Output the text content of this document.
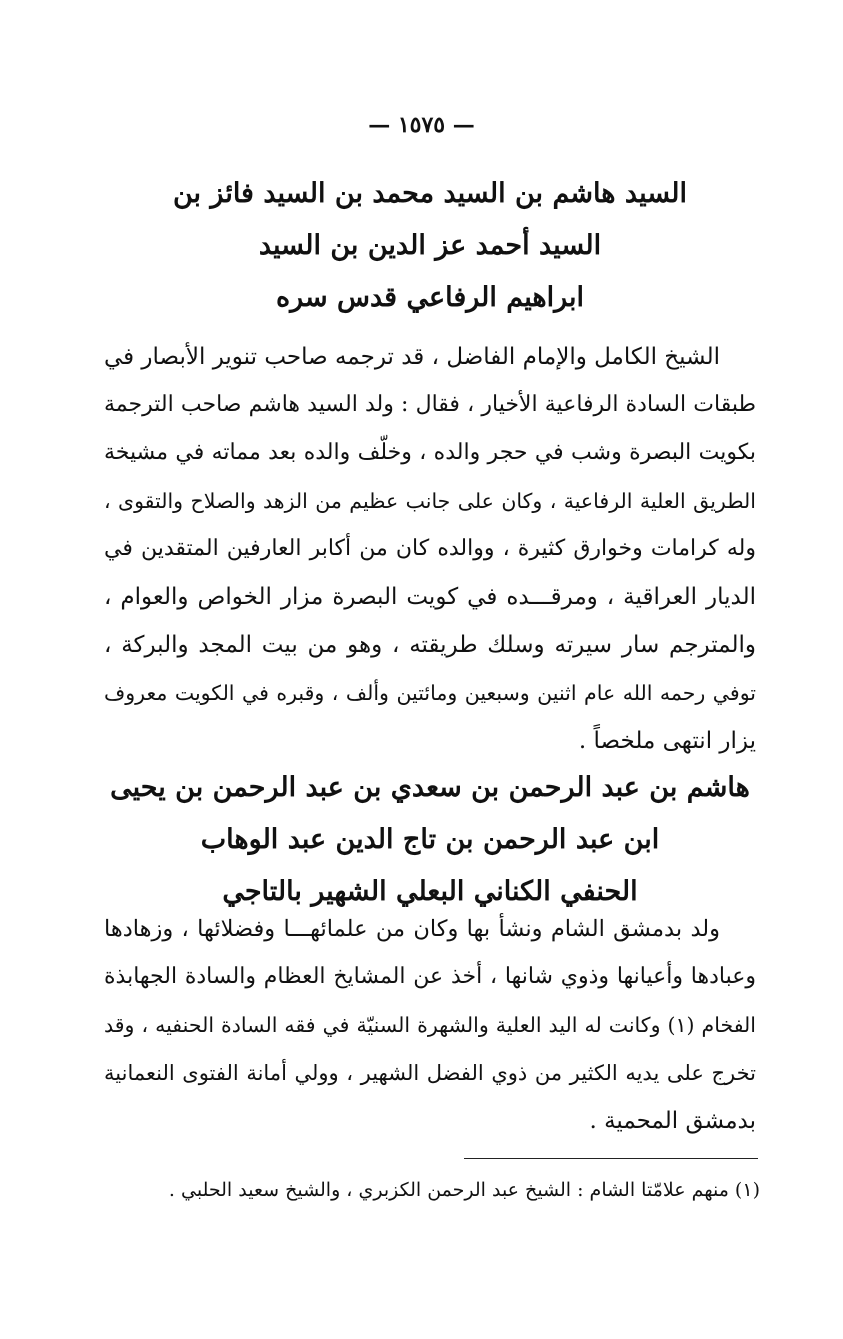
— ١٥٧٥ —
السيد هاشم بن السيد محمد بن السيد فائز بن
السيد أحمد عز الدين بن السيد
ابراهيم الرفاعي قدس سره
الشيخ الكامل والإمام الفاضل ، قد ترجمه صاحب تنوير الأبصار في
طبقات السادة الرفاعية الأخيار ، فقال : ولد السيد هاشم صاحب الترجمة
بكويت البصرة وشب في حجر والده ، وخلّف والده بعد مماته في مشيخة
الطريق العلية الرفاعية ، وكان على جانب عظيم من الزهد والصلاح والتقوى ،
وله كرامات وخوارق كثيرة ، ووالده كان من أكابر العارفين المتقدين في
الديار العراقية ، ومرقـــده في كويت البصرة مزار الخواص والعوام ،
والمترجم سار سيرته وسلك طريقته ، وهو من بيت المجد والبركة ،
توفي رحمه الله عام اثنين وسبعين ومائتين وألف ، وقبره في الكويت معروف
يزار انتهى ملخصاً .
هاشم بن عبد الرحمن بن سعدي بن عبد الرحمن بن يحيى
ابن عبد الرحمن بن تاج الدين عبد الوهاب
الحنفي الكناني البعلي الشهير بالتاجي
ولد بدمشق الشام ونشأ بها وكان من علمائهـــا وفضلائها ، وزهادها
وعبادها وأعيانها وذوي شانها ، أخذ عن المشايخ العظام والسادة الجهابذة
الفخام (١) وكانت له اليد العلية والشهرة السنيّة في فقه السادة الحنفيه ، وقد
تخرج على يديه الكثير من ذوي الفضل الشهير ، وولي أمانة الفتوى النعمانية
بدمشق المحمية .
(١) منهم علامّتا الشام : الشيخ عبد الرحمن الكزبري ، والشيخ سعيد الحلبي .
